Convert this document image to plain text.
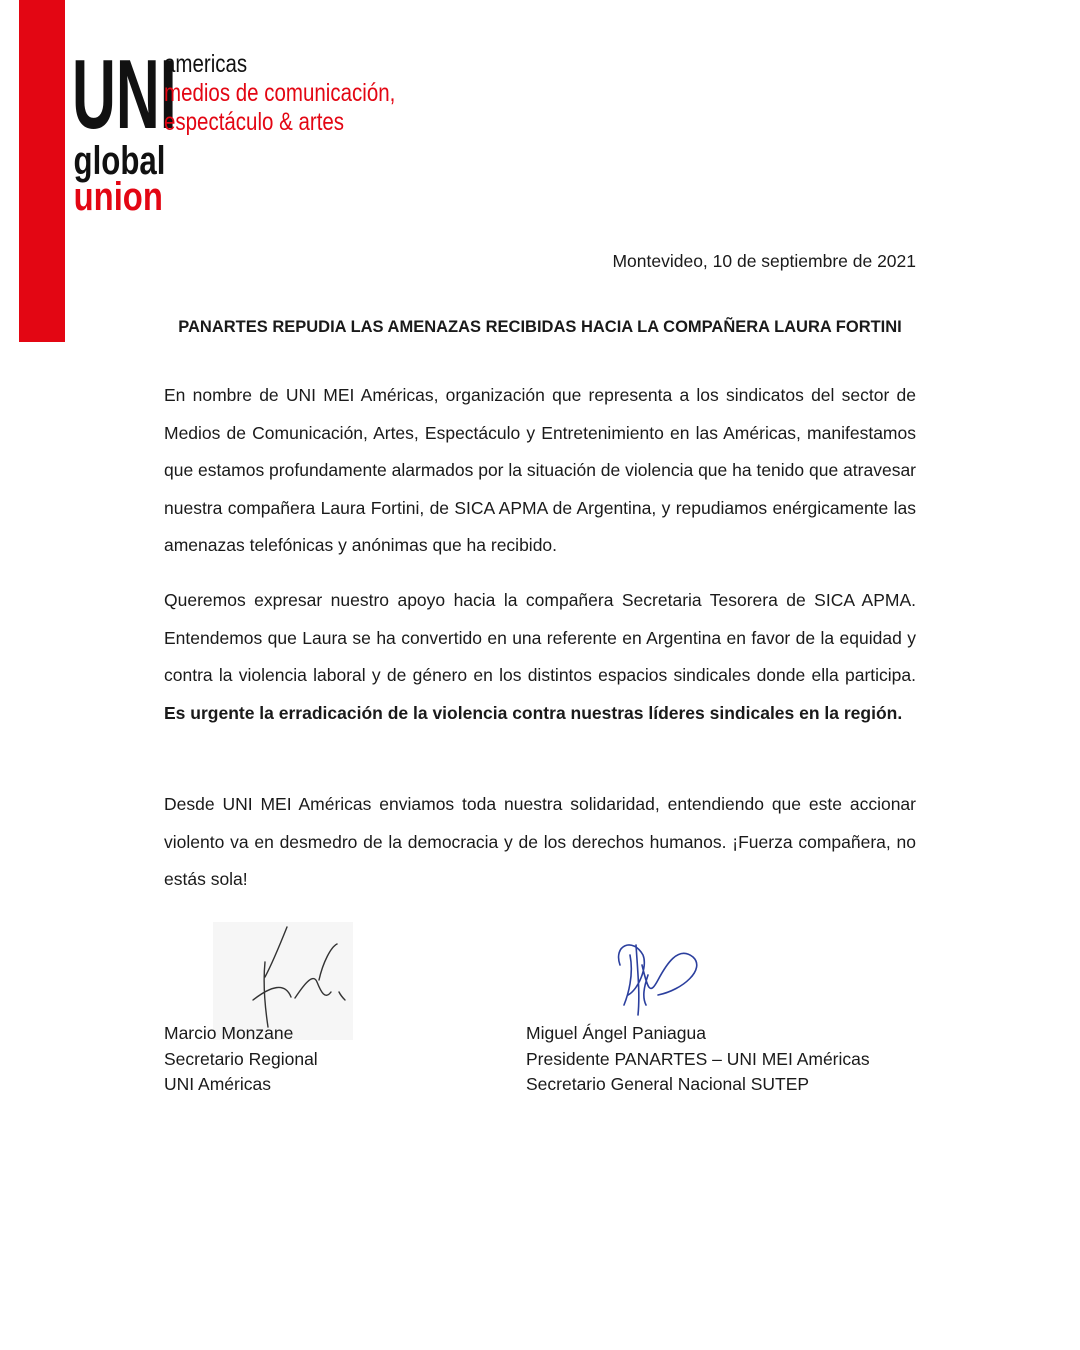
UNI
global
union
americas
medios de comunicación,
espectáculo & artes
Montevideo, 10 de septiembre de 2021
PANARTES REPUDIA LAS AMENAZAS RECIBIDAS HACIA LA COMPAÑERA LAURA FORTINI

En nombre de UNI MEI Américas, organización que representa a los sindicatos del sector de Medios de Comunicación, Artes, Espectáculo y Entretenimiento en las Américas, manifestamos que estamos profundamente alarmados por la situación de violencia que ha tenido que atravesar nuestra compañera Laura Fortini, de SICA APMA de Argentina, y repudiamos enérgicamente las amenazas telefónicas y anónimas que ha recibido.

Queremos expresar nuestro apoyo hacia la compañera Secretaria Tesorera de SICA APMA. Entendemos que Laura se ha convertido en una referente en Argentina en favor de la equidad y contra la violencia laboral y de género en los distintos espacios sindicales donde ella participa. Es urgente la erradicación de la violencia contra nuestras líderes sindicales en la región.

Desde UNI MEI Américas enviamos toda nuestra solidaridad, entendiendo que este accionar violento va en desmedro de la democracia y de los derechos humanos. ¡Fuerza compañera, no estás sola!

Marcio Monzane
Secretario Regional
UNI Américas
Miguel Ángel Paniagua
Presidente PANARTES – UNI MEI Américas
Secretario General Nacional SUTEP
